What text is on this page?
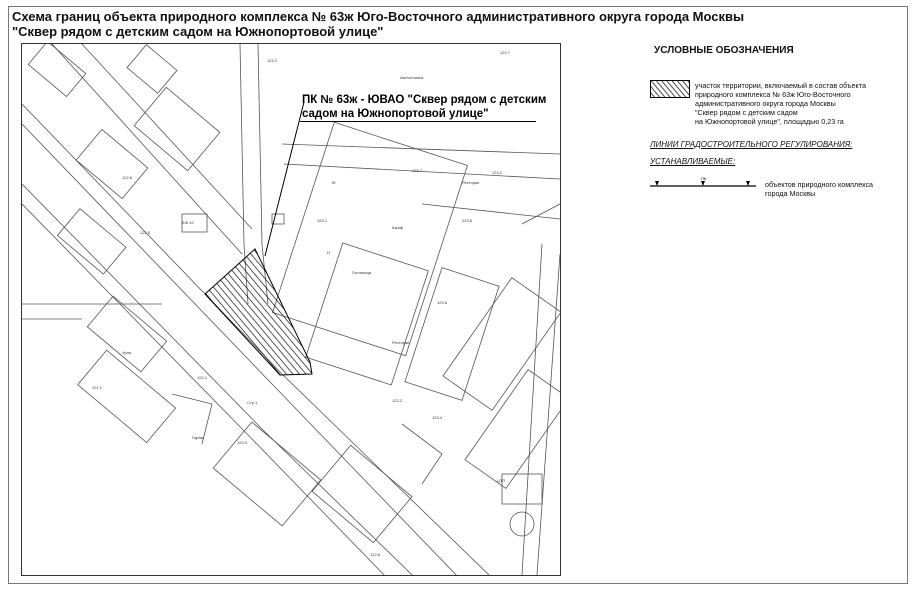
Схема границ объекта природного комплекса № 63ж Юго-Восточного административного округа города Москвы
"Сквер рядом с детским садом на Южнопортовой улице"
123.2
122.7
Автостоянка
122.5
123.7	124.2
123.1
123.6
123.8
121.5
122.1
122.2
122.4
122.8
123.4
121.1
Гостиница
Ресторан
Ж
Н
Шкаф
Гараж
КЖ 12
Стр.1
Урна
ЦТП
Ресторан
ПК № 63ж - ЮВАО "Сквер рядом с детским
садом на Южнопортовой улице"
УСЛОВНЫЕ ОБОЗНАЧЕНИЯ
участок территории, включаемый в состав объекта
природного комплекса № 63ж Юго-Восточного
административного округа города Москвы
"Сквер рядом с детским садом
на Южнопортовой улице", площадью 0,23 га
ЛИНИИ ГРАДОСТРОИТЕЛЬНОГО РЕГУЛИРОВАНИЯ:
УСТАНАВЛИВАЕМЫЕ:
ПК
объектов природного комплекса
города Москвы
